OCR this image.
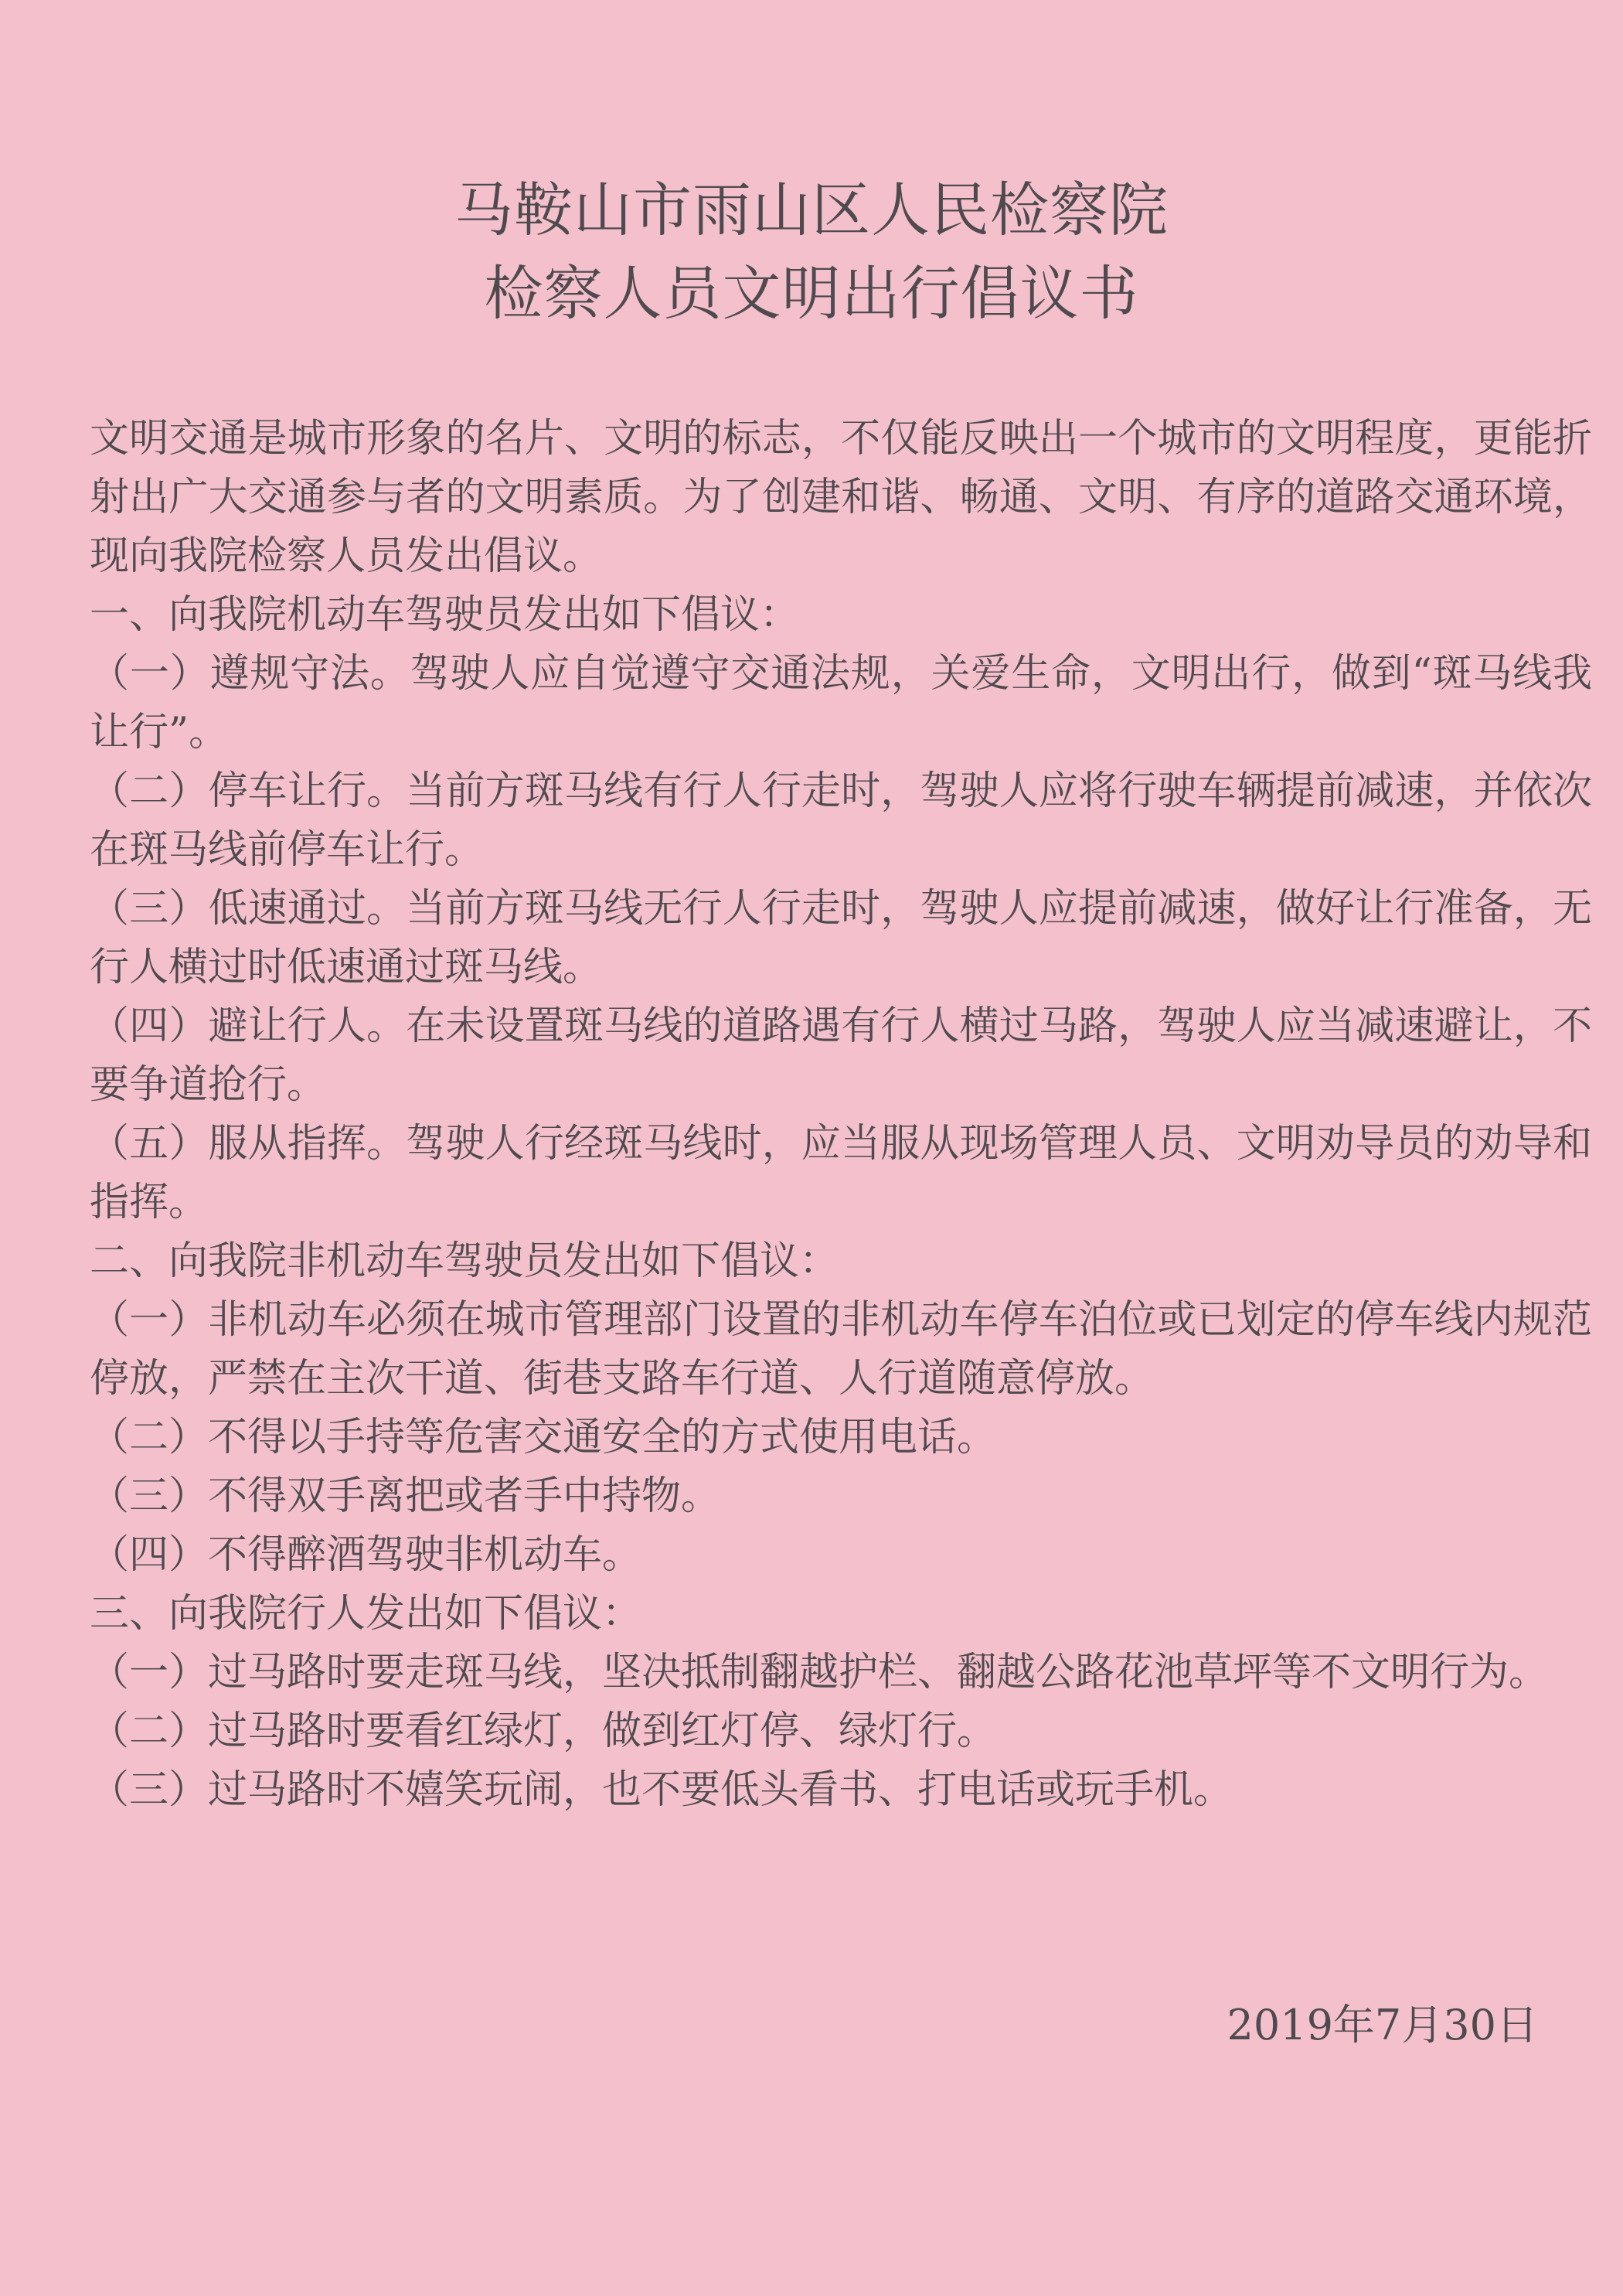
马鞍山市雨山区人民检察院
检察人员文明出行倡议书

文明交通是城市形象的名片、文明的标志，不仅能反映出一个城市的文明程度，更能折射出广大交通参与者的文明素质。为了创建和谐、畅通、文明、有序的道路交通环境，现向我院检察人员发出倡议。

一、向我院机动车驾驶员发出如下倡议：

（一）遵规守法。驾驶人应自觉遵守交通法规，关爱生命，文明出行，做到“斑马线我让行”。

（二）停车让行。当前方斑马线有行人行走时，驾驶人应将行驶车辆提前减速，并依次在斑马线前停车让行。

（三）低速通过。当前方斑马线无行人行走时，驾驶人应提前减速，做好让行准备，无行人横过时低速通过斑马线。

（四）避让行人。在未设置斑马线的道路遇有行人横过马路，驾驶人应当减速避让，不要争道抢行。

（五）服从指挥。驾驶人行经斑马线时，应当服从现场管理人员、文明劝导员的劝导和指挥。

二、向我院非机动车驾驶员发出如下倡议：

（一）非机动车必须在城市管理部门设置的非机动车停车泊位或已划定的停车线内规范停放，严禁在主次干道、街巷支路车行道、人行道随意停放。

（二）不得以手持等危害交通安全的方式使用电话。

（三）不得双手离把或者手中持物。

（四）不得醉酒驾驶非机动车。

三、向我院行人发出如下倡议：

（一）过马路时要走斑马线，坚决抵制翻越护栏、翻越公路花池草坪等不文明行为。

（二）过马路时要看红绿灯，做到红灯停、绿灯行。

（三）过马路时不嬉笑玩闹，也不要低头看书、打电话或玩手机。

2019年7月30日
